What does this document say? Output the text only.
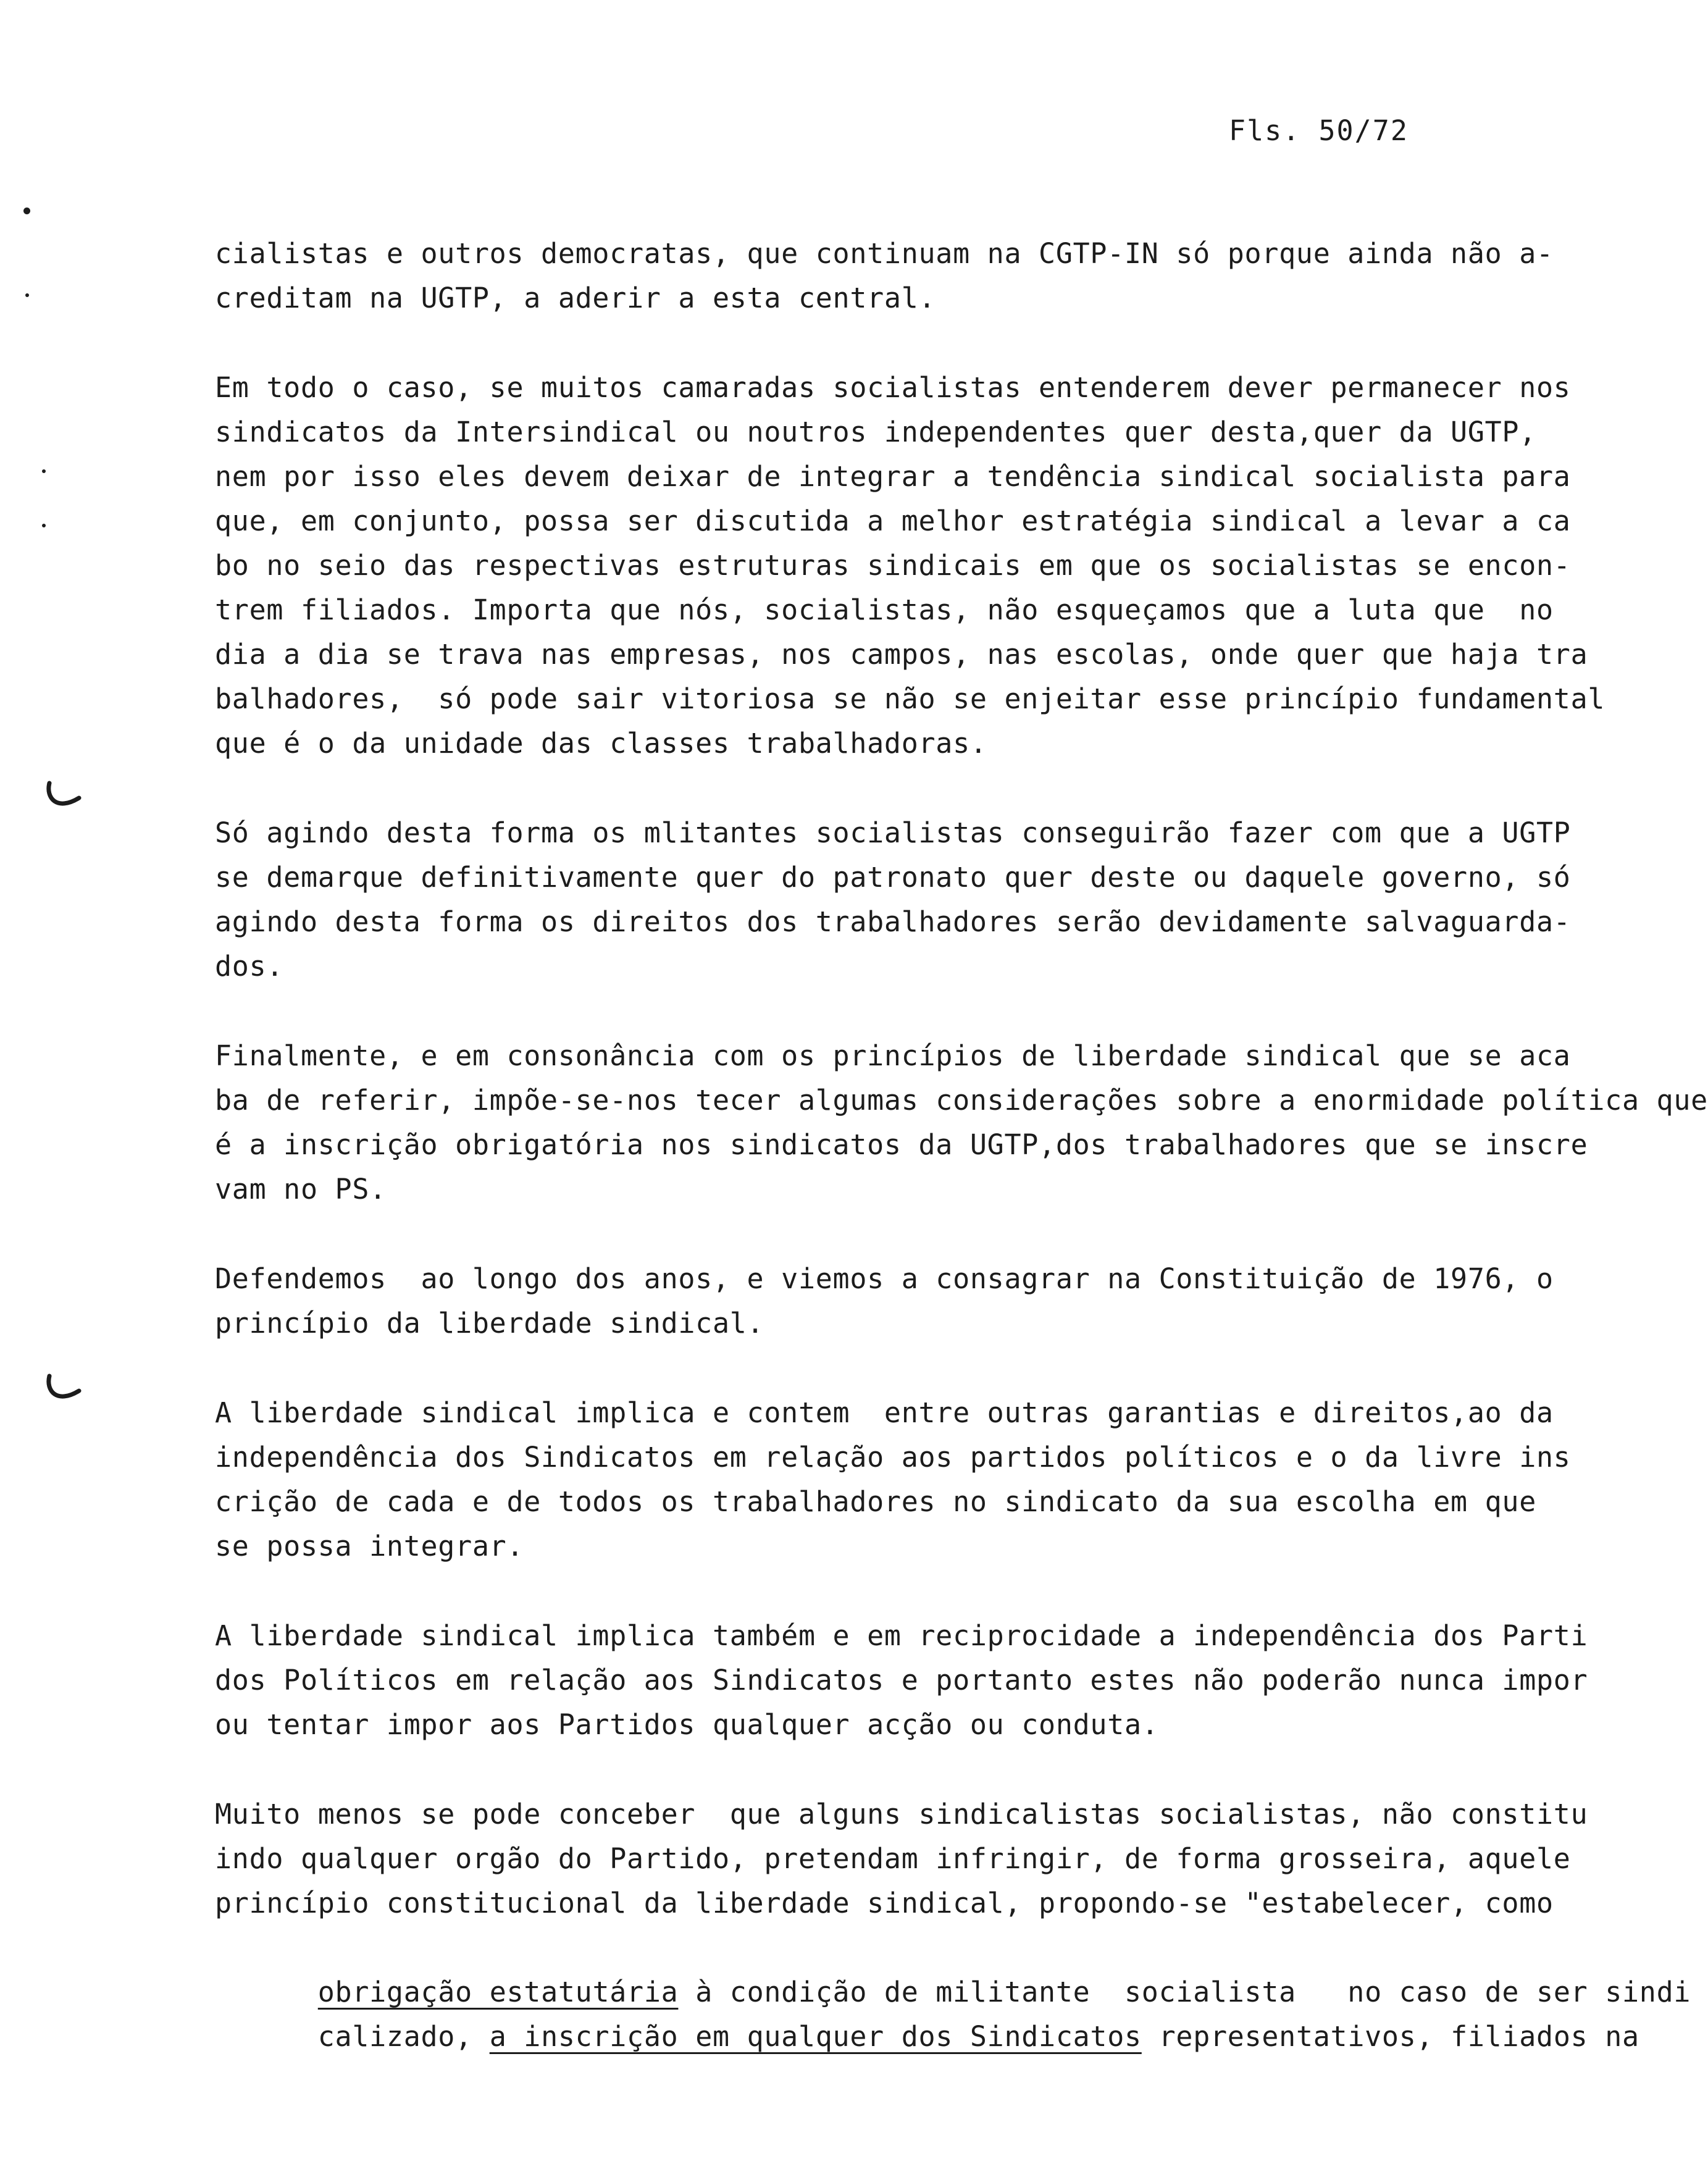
Fls. 50/72
cialistas e outros democratas, que continuam na CGTP-IN só porque ainda não a-
creditam na UGTP, a aderir a esta central.
Em todo o caso, se muitos camaradas socialistas entenderem dever permanecer nos
sindicatos da Intersindical ou noutros independentes quer desta,quer da UGTP,
nem por isso eles devem deixar de integrar a tendência sindical socialista para
que, em conjunto, possa ser discutida a melhor estratégia sindical a levar a ca
bo no seio das respectivas estruturas sindicais em que os socialistas se encon-
trem filiados. Importa que nós, socialistas, não esqueçamos que a luta que  no
dia a dia se trava nas empresas, nos campos, nas escolas, onde quer que haja tra
balhadores,  só pode sair vitoriosa se não se enjeitar esse princípio fundamental
que é o da unidade das classes trabalhadoras.
Só agindo desta forma os mlitantes socialistas conseguirão fazer com que a UGTP
se demarque definitivamente quer do patronato quer deste ou daquele governo, só
agindo desta forma os direitos dos trabalhadores serão devidamente salvaguarda-
dos.
Finalmente, e em consonância com os princípios de liberdade sindical que se aca
ba de referir, impõe-se-nos tecer algumas considerações sobre a enormidade política que
é a inscrição obrigatória nos sindicatos da UGTP,dos trabalhadores que se inscre
vam no PS.
Defendemos  ao longo dos anos, e viemos a consagrar na Constituição de 1976, o
princípio da liberdade sindical.
A liberdade sindical implica e contem  entre outras garantias e direitos,ao da
independência dos Sindicatos em relação aos partidos políticos e o da livre ins
crição de cada e de todos os trabalhadores no sindicato da sua escolha em que
se possa integrar.
A liberdade sindical implica também e em reciprocidade a independência dos Parti
dos Políticos em relação aos Sindicatos e portanto estes não poderão nunca impor
ou tentar impor aos Partidos qualquer acção ou conduta.
Muito menos se pode conceber  que alguns sindicalistas socialistas, não constitu
indo qualquer orgão do Partido, pretendam infringir, de forma grosseira, aquele
princípio constitucional da liberdade sindical, propondo-se "estabelecer, como

obrigação estatutária à condição de militante  socialista   no caso de ser sindi

calizado, a inscrição em qualquer dos Sindicatos representativos, filiados na
